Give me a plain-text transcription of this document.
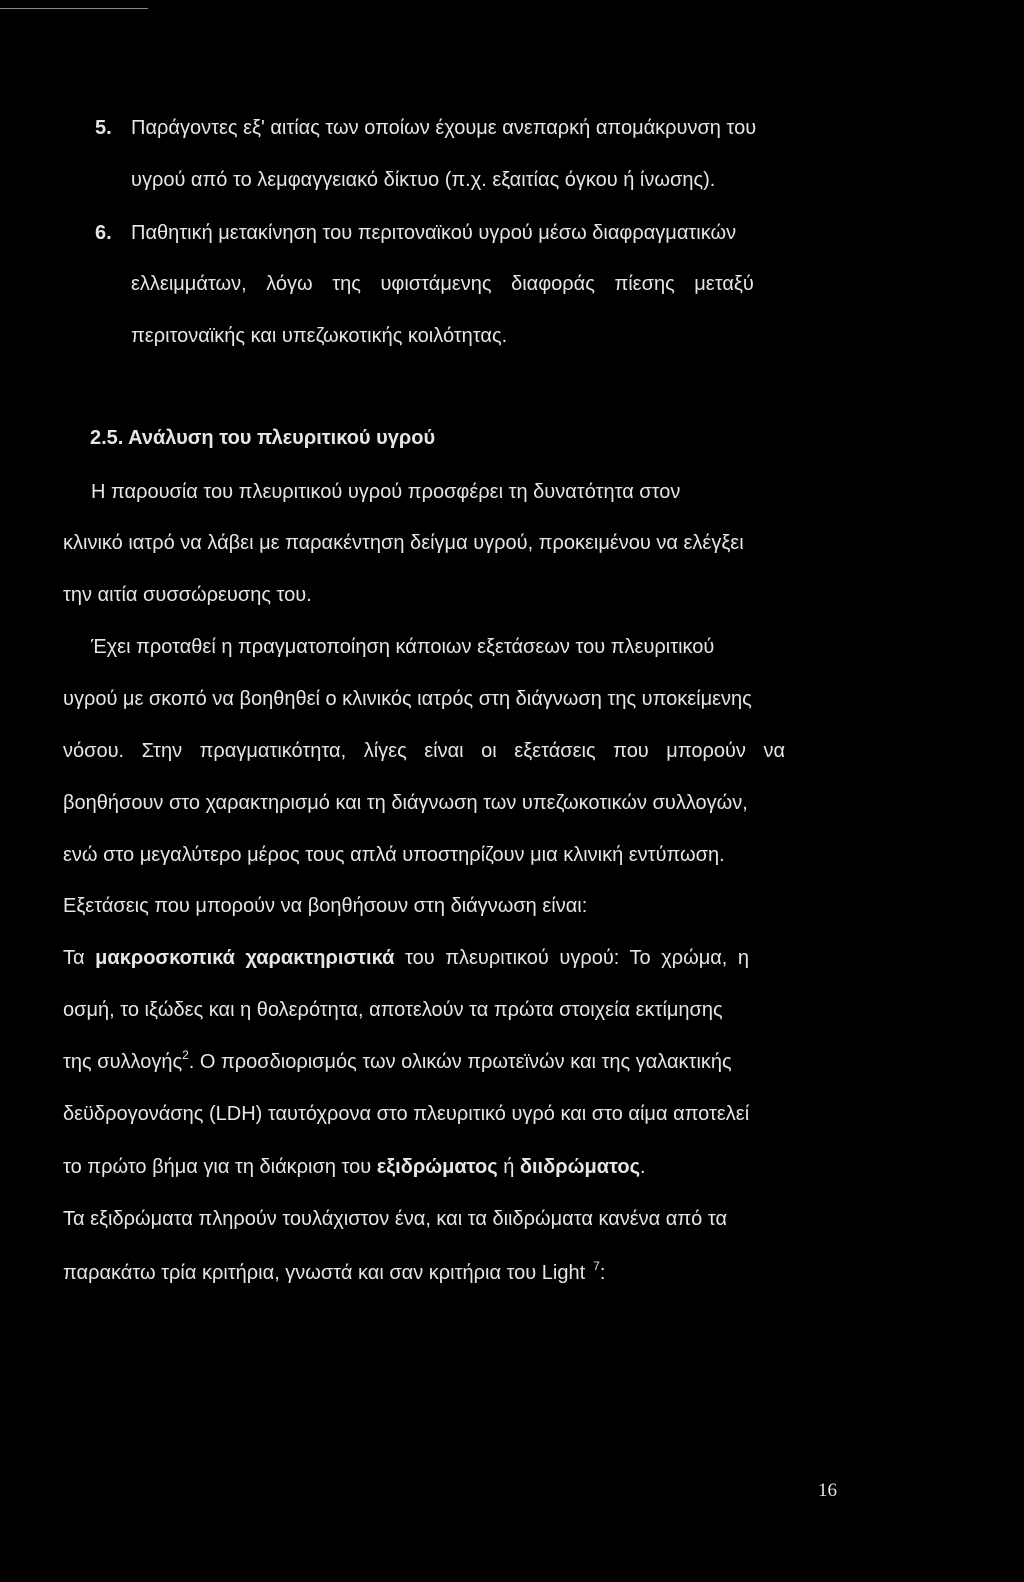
5. Παράγοντες εξ' αιτίας των οποίων έχουμε ανεπαρκή απομάκρυνση του
υγρού από το λεμφαγγειακό δίκτυο (π.χ. εξαιτίας όγκου ή ίνωσης).
6. Παθητική μετακίνηση του περιτοναϊκού υγρού μέσω διαφραγματικών
ελλειμμάτων, λόγω της υφιστάμενης διαφοράς πίεσης μεταξύ
περιτοναϊκής και υπεζωκοτικής κοιλότητας.
2.5. Ανάλυση του πλευριτικού υγρού
Η παρουσία του πλευριτικού υγρού προσφέρει τη δυνατότητα στον
κλινικό ιατρό να λάβει με παρακέντηση δείγμα υγρού, προκειμένου να ελέγξει
την αιτία συσσώρευσης του.
Έχει προταθεί η πραγματοποίηση κάποιων εξετάσεων του πλευριτικού
υγρού με σκοπό να βοηθηθεί ο κλινικός ιατρός στη διάγνωση της υποκείμενης
νόσου. Στην πραγματικότητα, λίγες είναι οι εξετάσεις που μπορούν να
βοηθήσουν στο χαρακτηρισμό και τη διάγνωση των υπεζωκοτικών συλλογών,
ενώ στο μεγαλύτερο μέρος τους απλά υποστηρίζουν μια κλινική εντύπωση.
Εξετάσεις που μπορούν να βοηθήσουν στη διάγνωση είναι:
Τα μακροσκοπικά χαρακτηριστικά του πλευριτικού υγρού: Το χρώμα, η
οσμή, το ιξώδες και η θολερότητα, αποτελούν τα πρώτα στοιχεία εκτίμησης
της συλλογής$^2$. Ο προσδιορισμός των ολικών πρωτεϊνών και της γαλακτικής
δεϋδρογονάσης (LDH) ταυτόχρονα στο πλευριτικό υγρό και στο αίμα αποτελεί
το πρώτο βήμα για τη διάκριση του εξιδρώματος ή διιδρώματος.
Τα εξιδρώματα πληρούν τουλάχιστον ένα, και τα διιδρώματα κανένα από τα
παρακάτω τρία κριτήρια, γνωστά και σαν κριτήρια του Light $^7$:
16
